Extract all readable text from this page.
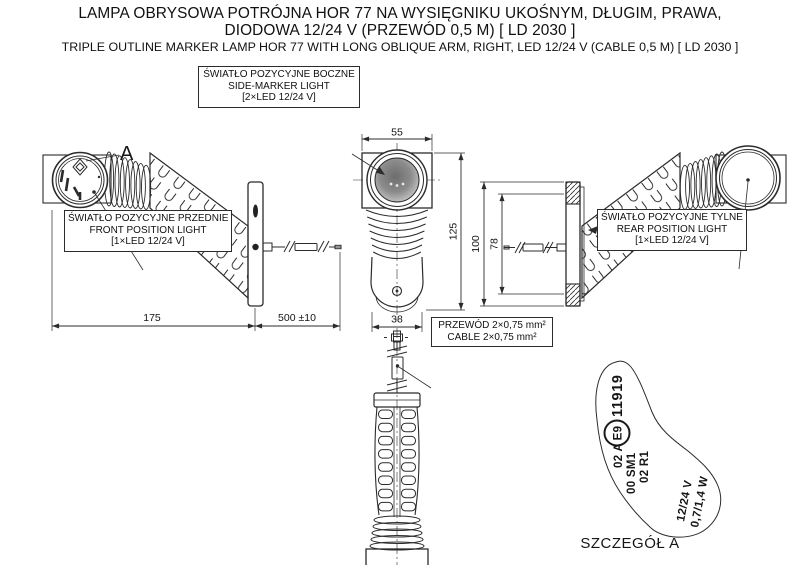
LAMPA OBRYSOWA POTRÓJNA HOR 77 NA WYSIĘGNIKU UKOŚNYM, DŁUGIM, PRAWA,
DIODOWA 12/24 V (PRZEWÓD 0,5 M) [ LD 2030 ]
TRIPLE OUTLINE MARKER LAMP HOR 77 WITH LONG OBLIQUE ARM, RIGHT, LED 12/24 V (CABLE 0,5 M) [ LD 2030 ]
ŚWIATŁO POZYCYJNE BOCZNE
SIDE-MARKER LIGHT
[2×LED 12/24 V]
ŚWIATŁO POZYCYJNE PRZEDNIE
FRONT POSITION LIGHT
[1×LED 12/24 V]
ŚWIATŁO POZYCYJNE TYLNE
REAR POSITION LIGHT
[1×LED 12/24 V]
PRZEWÓD 2×0,75 mm²
CABLE 2×0,75 mm²
A
175	500 ±10
55
125
38
100 78
11919
E9
02 A 00 SM1 02 R1
12/24 V
0,7/1,4 W
SZCZEGÓŁ A
